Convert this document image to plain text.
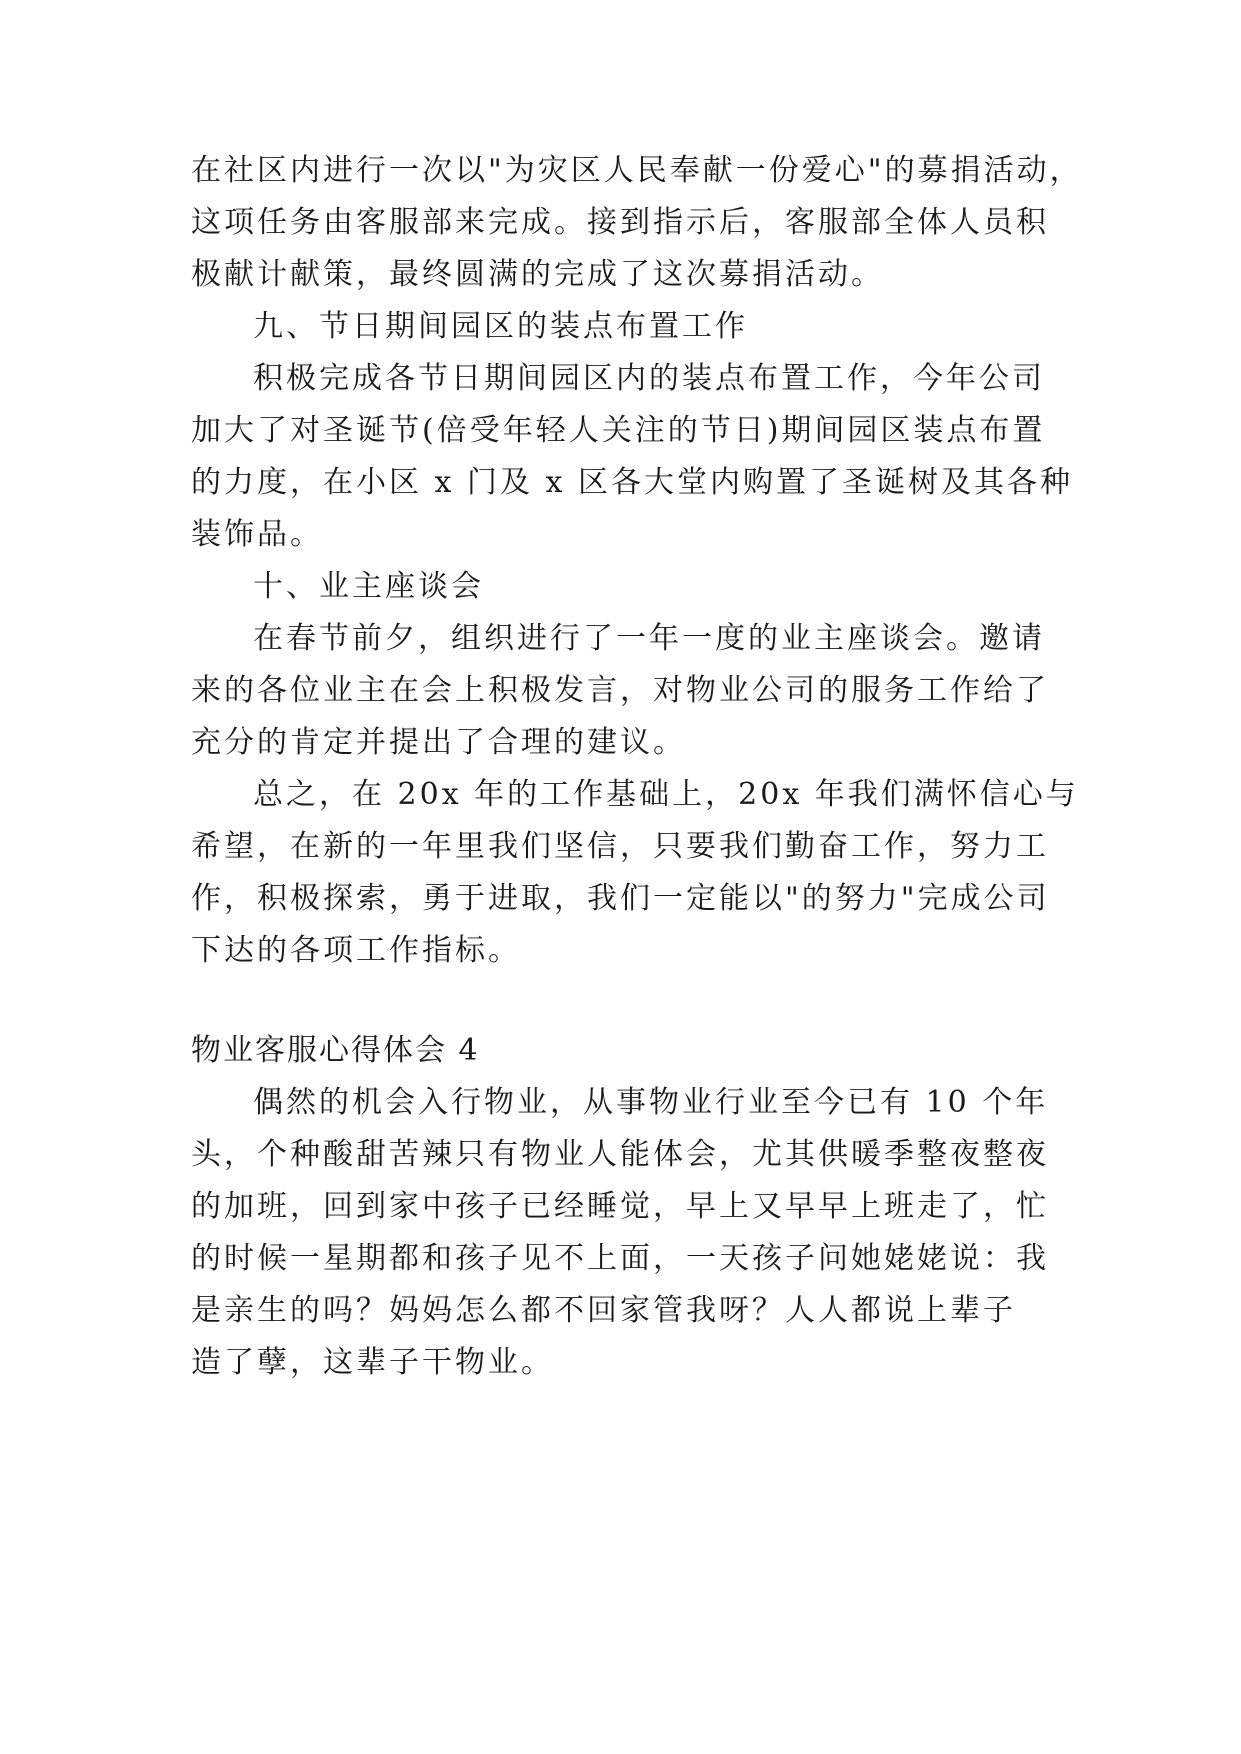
在社区内进行一次以"为灾区人民奉献一份爱心"的募捐活动，
这项任务由客服部来完成。接到指示后，客服部全体人员积
极献计献策，最终圆满的完成了这次募捐活动。
九、节日期间园区的装点布置工作
积极完成各节日期间园区内的装点布置工作，今年公司
加大了对圣诞节(倍受年轻人关注的节日)期间园区装点布置
的力度，在小区 x 门及 x 区各大堂内购置了圣诞树及其各种
装饰品。
十、业主座谈会
在春节前夕，组织进行了一年一度的业主座谈会。邀请
来的各位业主在会上积极发言，对物业公司的服务工作给了
充分的肯定并提出了合理的建议。
总之，在 20x 年的工作基础上，20x 年我们满怀信心与
希望，在新的一年里我们坚信，只要我们勤奋工作，努力工
作，积极探索，勇于进取，我们一定能以"的努力"完成公司
下达的各项工作指标。
物业客服心得体会 4
偶然的机会入行物业，从事物业行业至今已有 10 个年
头，个种酸甜苦辣只有物业人能体会，尤其供暖季整夜整夜
的加班，回到家中孩子已经睡觉，早上又早早上班走了，忙
的时候一星期都和孩子见不上面，一天孩子问她姥姥说：我
是亲生的吗？妈妈怎么都不回家管我呀？人人都说上辈子
造了孽，这辈子干物业。
